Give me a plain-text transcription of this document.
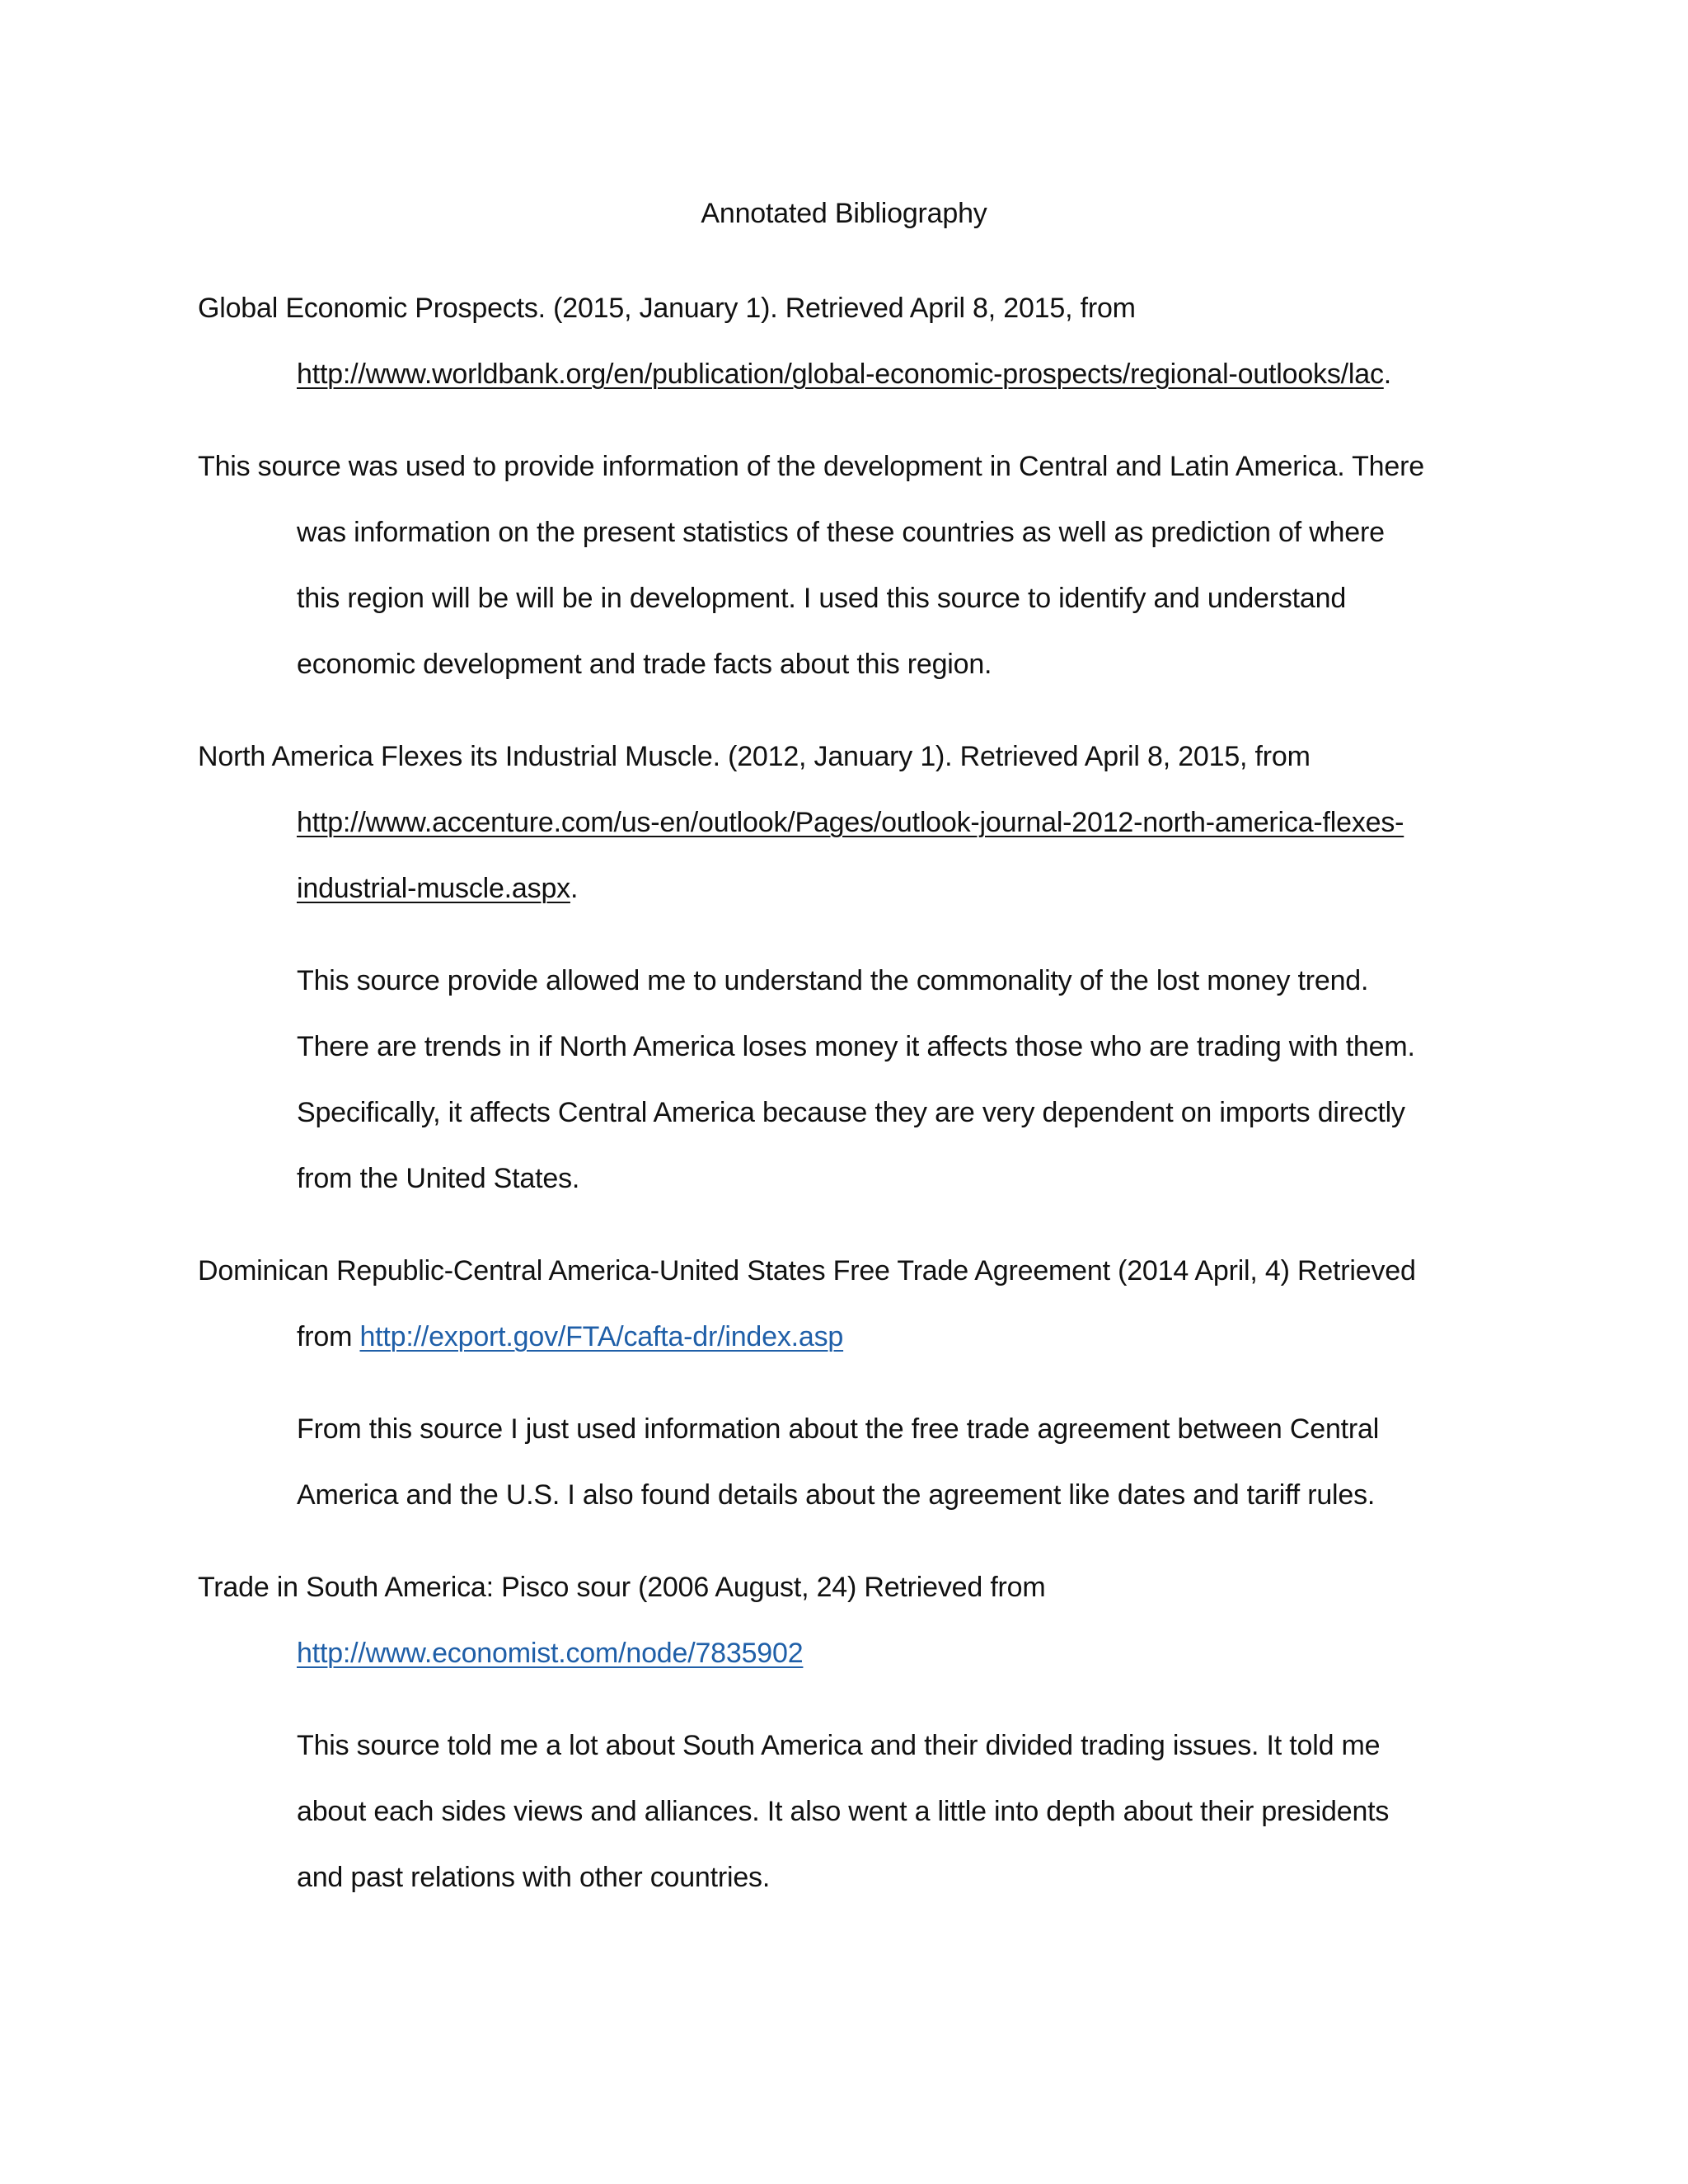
Annotated Bibliography
Global Economic Prospects. (2015, January 1). Retrieved April 8, 2015, from
http://www.worldbank.org/en/publication/global-economic-prospects/regional-outlooks/lac.
This source was used to provide information of the development in Central and Latin America. There
was information on the present statistics of these countries as well as prediction of where
this region will be will be in development. I used this source to identify and understand
economic development and trade facts about this region.
North America Flexes its Industrial Muscle. (2012, January 1). Retrieved April 8, 2015, from
http://www.accenture.com/us-en/outlook/Pages/outlook-journal-2012-north-america-flexes-
industrial-muscle.aspx.
This source provide allowed me to understand the commonality of the lost money trend.
There are trends in if North America loses money it affects those who are trading with them.
Specifically, it affects Central America because they are very dependent on imports directly
from the United States.
Dominican Republic-Central America-United States Free Trade Agreement (2014 April, 4) Retrieved
from http://export.gov/FTA/cafta-dr/index.asp
From this source I just used information about the free trade agreement between Central
America and the U.S. I also found details about the agreement like dates and tariff rules.
Trade in South America: Pisco sour (2006 August, 24) Retrieved from
http://www.economist.com/node/7835902
This source told me a lot about South America and their divided trading issues. It told me
about each sides views and alliances. It also went a little into depth about their presidents
and past relations with other countries.
